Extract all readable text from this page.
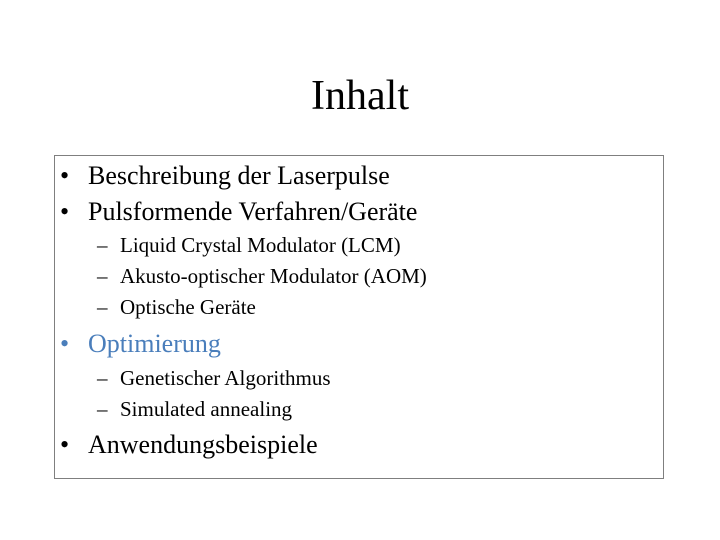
Inhalt
• Beschreibung der Laserpulse
• Pulsformende Verfahren/Geräte
– Liquid Crystal Modulator (LCM)
– Akusto-optischer Modulator (AOM)
– Optische Geräte
• Optimierung
– Genetischer Algorithmus
– Simulated annealing
• Anwendungsbeispiele
